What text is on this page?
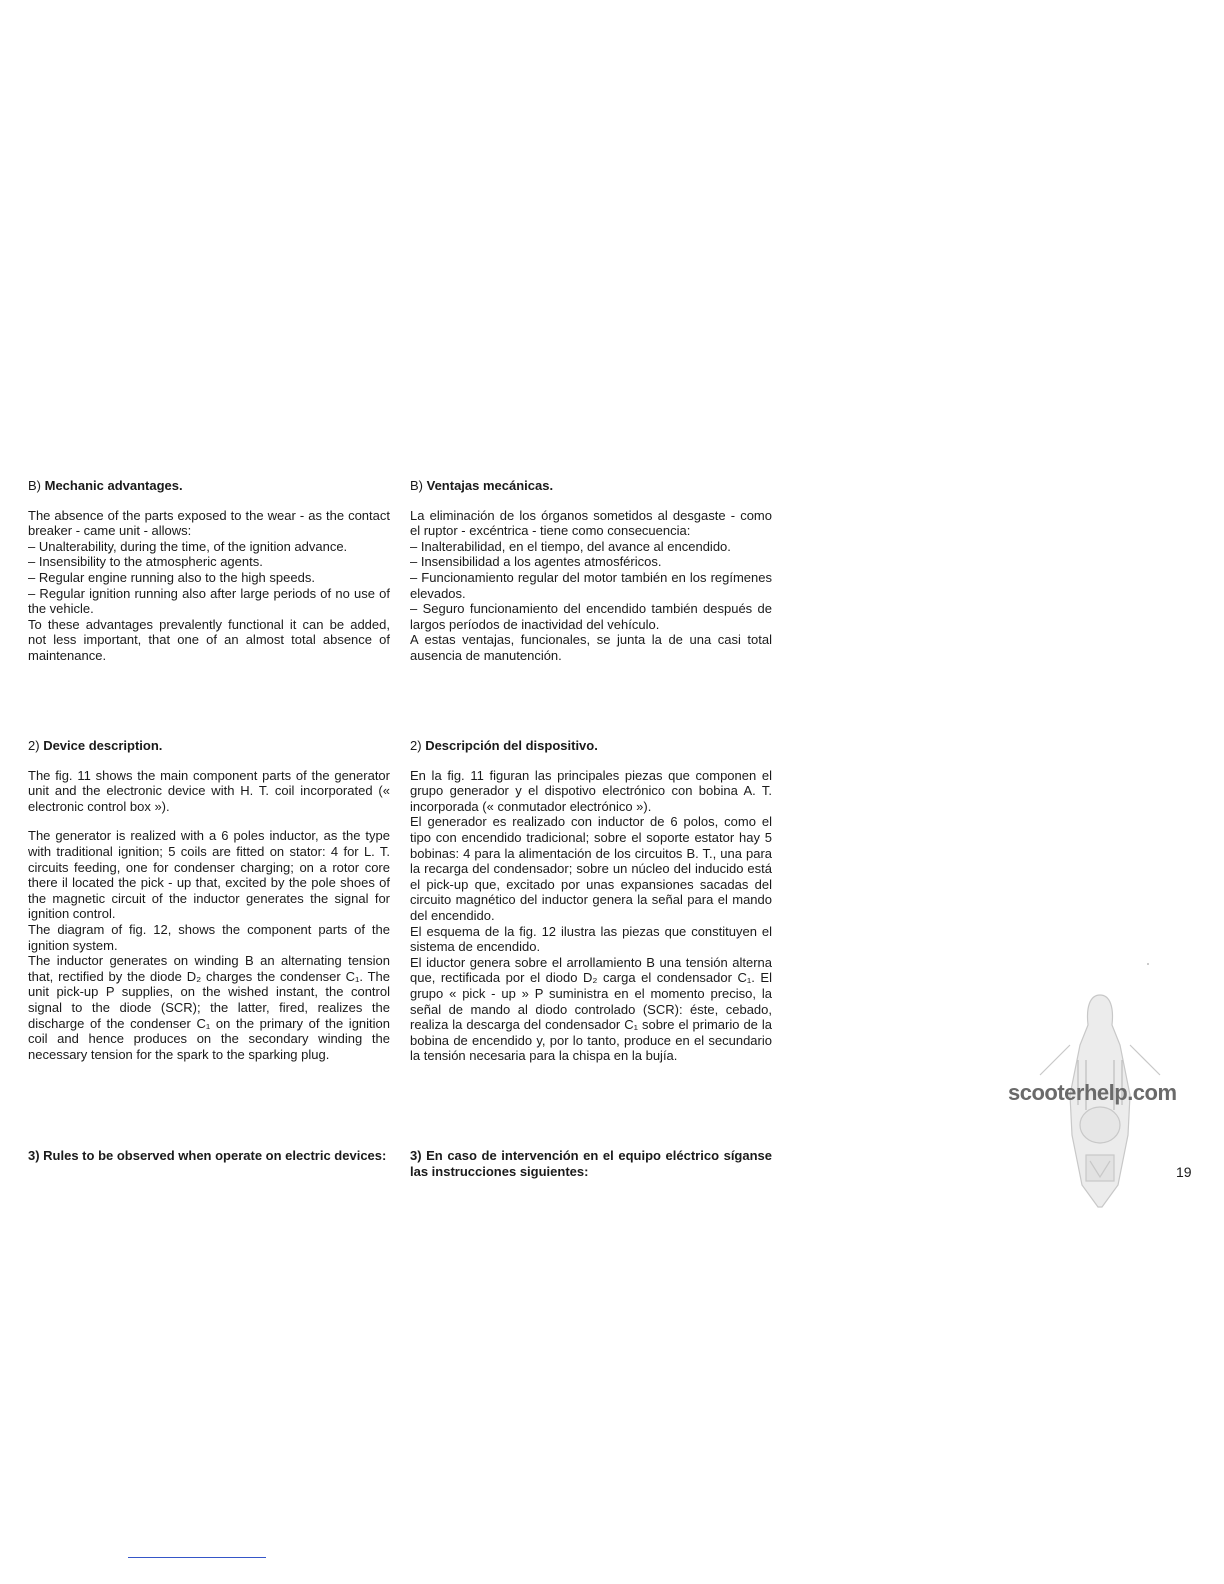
B) Mechanic advantages.

The absence of the parts exposed to the wear - as the contact breaker - came unit - allows:

– Unalterability, during the time, of the ignition advance.

– Insensibility to the atmospheric agents.

– Regular engine running also to the high speeds.

– Regular ignition running also after large periods of no use of the vehicle.

To these advantages prevalently functional it can be added, not less important, that one of an almost total absence of maintenance.

2) Device description.

The fig. 11 shows the main component parts of the generator unit and the electronic device with H. T. coil incorporated (« electronic control box »).

The generator is realized with a 6 poles inductor, as the type with traditional ignition; 5 coils are fitted on stator: 4 for L. T. circuits feeding, one for condenser charging; on a rotor core there il located the pick - up that, excited by the pole shoes of the magnetic circuit of the inductor generates the signal for ignition control.

The diagram of fig. 12, shows the component parts of the ignition system.

The inductor generates on winding B an alternating tension that, rectified by the diode D₂ charges the condenser C₁. The unit pick-up P supplies, on the wished instant, the control signal to the diode (SCR); the latter, fired, realizes the discharge of the condenser C₁ on the primary of the ignition coil and hence produces on the secondary winding the necessary tension for the spark to the sparking plug.

3) Rules to be observed when operate on electric devices:

B) Ventajas mecánicas.

La eliminación de los órganos sometidos al desgaste - como el ruptor - excéntrica - tiene como consecuencia:

– Inalterabilidad, en el tiempo, del avance al encendido.

– Insensibilidad a los agentes atmosféricos.

– Funcionamiento regular del motor también en los regímenes elevados.

– Seguro funcionamiento del encendido también después de largos períodos de inactividad del vehículo.

A estas ventajas, funcionales, se junta la de una casi total ausencia de manutención.

2) Descripción del dispositivo.

En la fig. 11 figuran las principales piezas que componen el grupo generador y el dispotivo electrónico con bobina A. T. incorporada (« conmutador electrónico »).

El generador es realizado con inductor de 6 polos, como el tipo con encendido tradicional; sobre el soporte estator hay 5 bobinas: 4 para la alimentación de los circuitos B. T., una para la recarga del condensador; sobre un núcleo del inducido está el pick-up que, excitado por unas expansiones sacadas del circuito magnético del inductor genera la señal para el mando del encendido.

El esquema de la fig. 12 ilustra las piezas que constituyen el sistema de encendido.

El iductor genera sobre el arrollamiento B una tensión alterna que, rectificada por el diodo D₂ carga el condensador C₁. El grupo « pick - up » P suministra en el momento preciso, la señal de mando al diodo controlado (SCR): éste, cebado, realiza la descarga del condensador C₁ sobre el primario de la bobina de encendido y, por lo tanto, produce en el secundario la tensión necesaria para la chispa en la bujía.

3) En caso de intervención en el equipo eléctrico síganse las instrucciones siguientes:

scooterhelp.com
19
